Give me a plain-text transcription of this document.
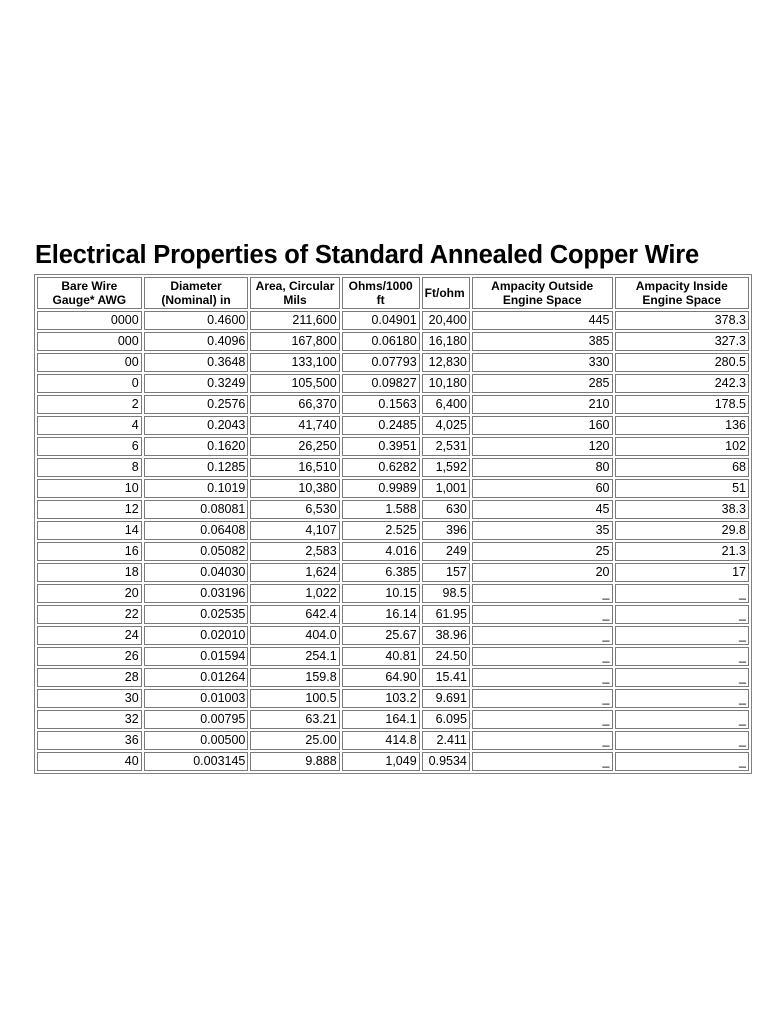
Electrical Properties of Standard Annealed Copper Wire
Bare Wire Gauge* AWG	Diameter (Nominal) in	Area, Circular Mils	Ohms/1000 ft	Ft/ohm	Ampacity Outside Engine Space	Ampacity Inside Engine Space
0000	0.4600	211,600	0.04901	20,400	445	378.3
000	0.4096	167,800	0.06180	16,180	385	327.3
00	0.3648	133,100	0.07793	12,830	330	280.5
0	0.3249	105,500	0.09827	10,180	285	242.3
2	0.2576	66,370	0.1563	6,400	210	178.5
4	0.2043	41,740	0.2485	4,025	160	136
6	0.1620	26,250	0.3951	2,531	120	102
8	0.1285	16,510	0.6282	1,592	80	68
10	0.1019	10,380	0.9989	1,001	60	51
12	0.08081	6,530	1.588	630	45	38.3
14	0.06408	4,107	2.525	396	35	29.8
16	0.05082	2,583	4.016	249	25	21.3
18	0.04030	1,624	6.385	157	20	17
20	0.03196	1,022	10.15	98.5	_	_
22	0.02535	642.4	16.14	61.95	_	_
24	0.02010	404.0	25.67	38.96	_	_
26	0.01594	254.1	40.81	24.50	_	_
28	0.01264	159.8	64.90	15.41	_	_
30	0.01003	100.5	103.2	9.691	_	_
32	0.00795	63.21	164.1	6.095	_	_
36	0.00500	25.00	414.8	2.411	_	_
40	0.003145	9.888	1,049	0.9534	_	_
